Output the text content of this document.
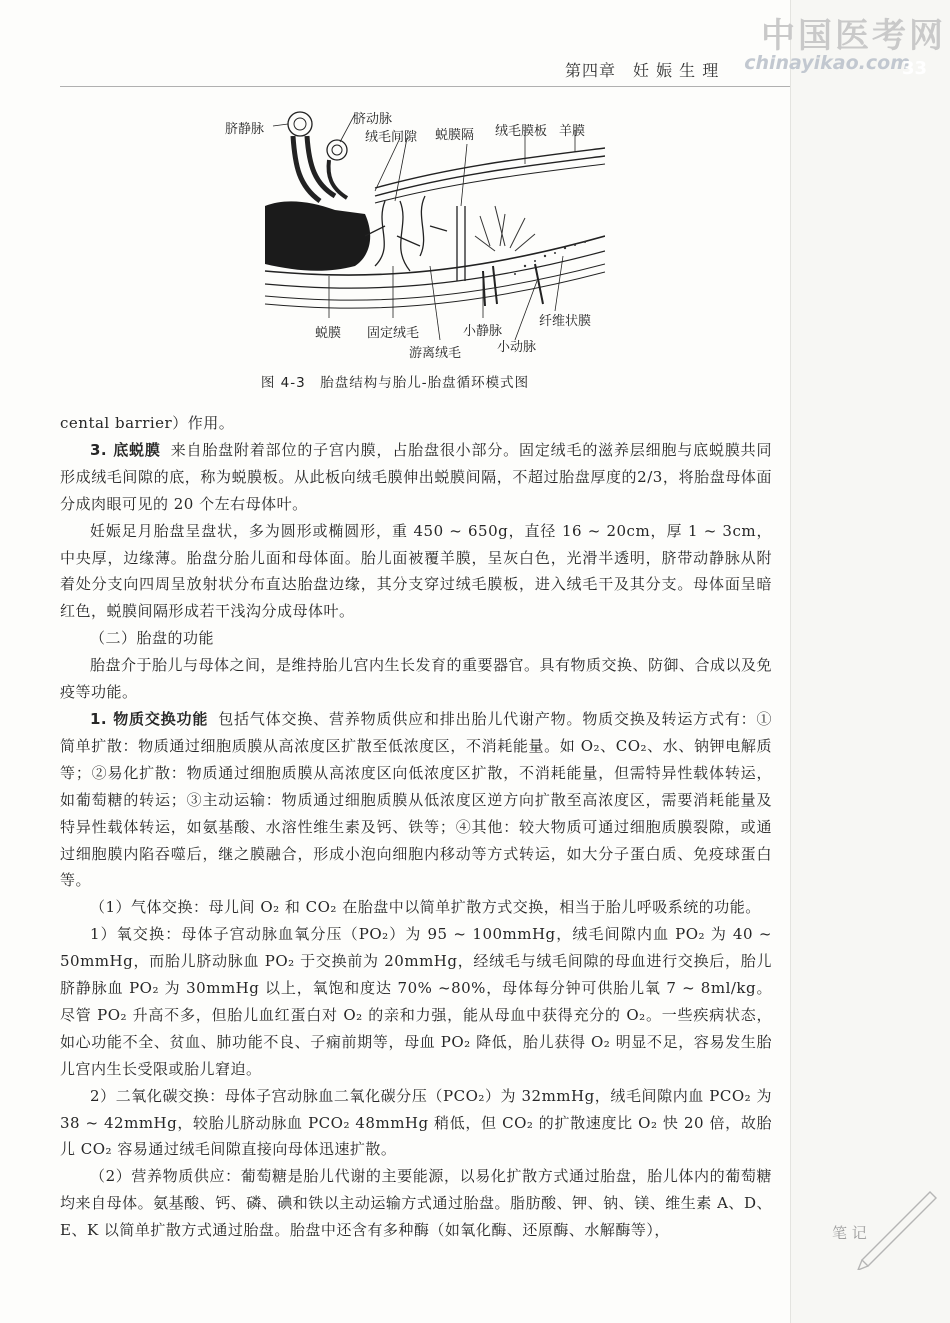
中国医考网
chinayikao.com
第四章　妊 娠 生 理	33
脐静脉
脐动脉
绒毛间隙 蜕膜隔 绒毛膜板 羊膜
蜕膜 固定绒毛
游离绒毛
小静脉
小动脉
纤维状膜
图 4-3　胎盘结构与胎儿-胎盘循环模式图

cental barrier）作用。

3. 底蜕膜 来自胎盘附着部位的子宫内膜，占胎盘很小部分。固定绒毛的滋养层细胞与底蜕膜共同形成绒毛间隙的底，称为蜕膜板。从此板向绒毛膜伸出蜕膜间隔，不超过胎盘厚度的2/3，将胎盘母体面分成肉眼可见的 20 个左右母体叶。

妊娠足月胎盘呈盘状，多为圆形或椭圆形，重 450 ~ 650g，直径 16 ~ 20cm，厚 1 ~ 3cm，中央厚，边缘薄。胎盘分胎儿面和母体面。胎儿面被覆羊膜，呈灰白色，光滑半透明，脐带动静脉从附着处分支向四周呈放射状分布直达胎盘边缘，其分支穿过绒毛膜板，进入绒毛干及其分支。母体面呈暗红色，蜕膜间隔形成若干浅沟分成母体叶。

（二）胎盘的功能

胎盘介于胎儿与母体之间，是维持胎儿宫内生长发育的重要器官。具有物质交换、防御、合成以及免疫等功能。

1. 物质交换功能 包括气体交换、营养物质供应和排出胎儿代谢产物。物质交换及转运方式有：①简单扩散：物质通过细胞质膜从高浓度区扩散至低浓度区，不消耗能量。如 O₂、CO₂、水、钠钾电解质等；②易化扩散：物质通过细胞质膜从高浓度区向低浓度区扩散，不消耗能量，但需特异性载体转运，如葡萄糖的转运；③主动运输：物质通过细胞质膜从低浓度区逆方向扩散至高浓度区，需要消耗能量及特异性载体转运，如氨基酸、水溶性维生素及钙、铁等；④其他：较大物质可通过细胞质膜裂隙，或通过细胞膜内陷吞噬后，继之膜融合，形成小泡向细胞内移动等方式转运，如大分子蛋白质、免疫球蛋白等。

（1）气体交换：母儿间 O₂ 和 CO₂ 在胎盘中以简单扩散方式交换，相当于胎儿呼吸系统的功能。

1）氧交换：母体子宫动脉血氧分压（PO₂）为 95 ~ 100mmHg，绒毛间隙内血 PO₂ 为 40 ~ 50mmHg，而胎儿脐动脉血 PO₂ 于交换前为 20mmHg，经绒毛与绒毛间隙的母血进行交换后，胎儿脐静脉血 PO₂ 为 30mmHg 以上，氧饱和度达 70% ~80%，母体每分钟可供胎儿氧 7 ~ 8ml/kg。尽管 PO₂ 升高不多，但胎儿血红蛋白对 O₂ 的亲和力强，能从母血中获得充分的 O₂。一些疾病状态，如心功能不全、贫血、肺功能不良、子痫前期等，母血 PO₂ 降低，胎儿获得 O₂ 明显不足，容易发生胎儿宫内生长受限或胎儿窘迫。

2）二氧化碳交换：母体子宫动脉血二氧化碳分压（PCO₂）为 32mmHg，绒毛间隙内血 PCO₂ 为 38 ~ 42mmHg，较胎儿脐动脉血 PCO₂ 48mmHg 稍低，但 CO₂ 的扩散速度比 O₂ 快 20 倍，故胎儿 CO₂ 容易通过绒毛间隙直接向母体迅速扩散。

（2）营养物质供应：葡萄糖是胎儿代谢的主要能源，以易化扩散方式通过胎盘，胎儿体内的葡萄糖均来自母体。氨基酸、钙、磷、碘和铁以主动运输方式通过胎盘。脂肪酸、钾、钠、镁、维生素 A、D、E、K 以简单扩散方式通过胎盘。胎盘中还含有多种酶（如氧化酶、还原酶、水解酶等），	笔 记
